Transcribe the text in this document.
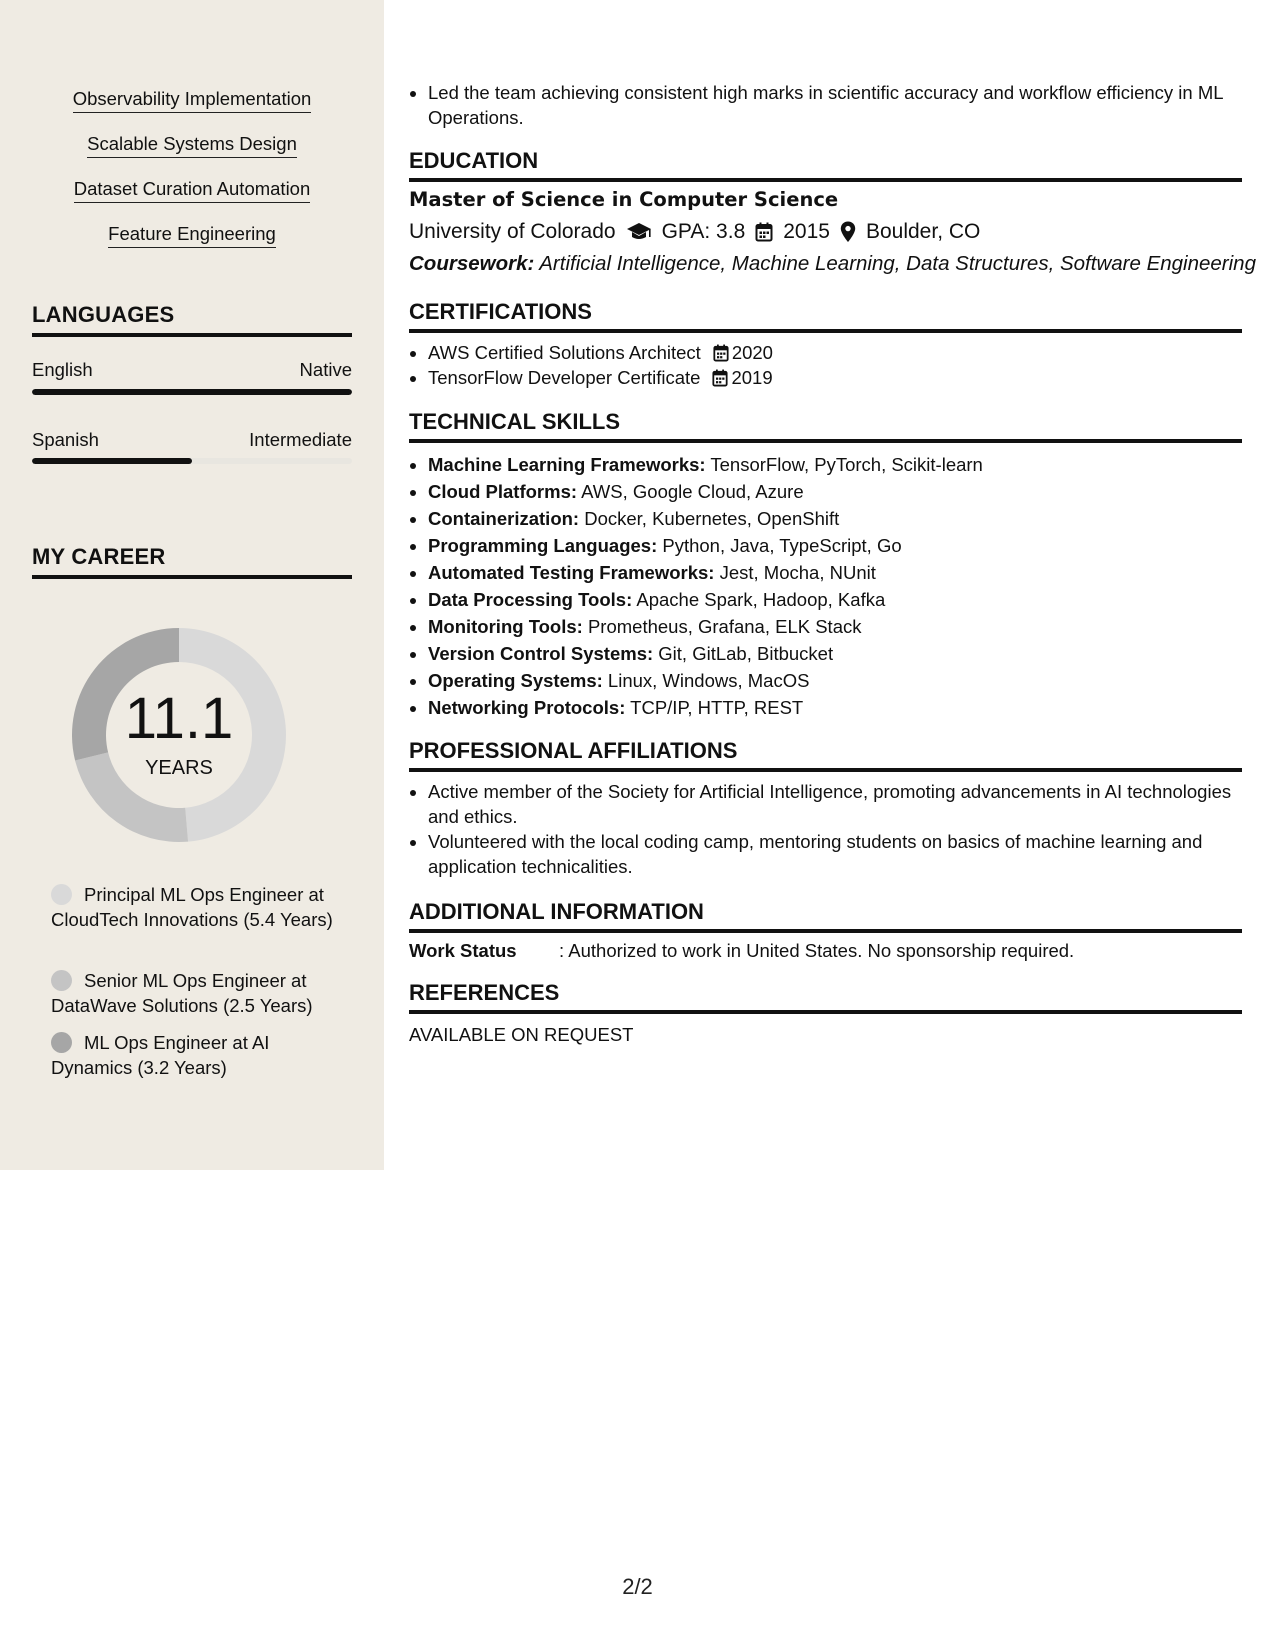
Observability Implementation
Scalable Systems Design
Dataset Curation Automation
Feature Engineering
LANGUAGES
English	Native
Spanish	Intermediate
MY CAREER
11.1
YEARS
Principal ML Ops Engineer at CloudTech Innovations (5.4 Years)
Senior ML Ops Engineer at DataWave Solutions (2.5 Years)
ML Ops Engineer at AI Dynamics (3.2 Years)
• Led the team achieving consistent high marks in scientific accuracy and workflow efficiency in ML Operations.
EDUCATION
Master of Science in Computer Science
University of Colorado GPA: 3.8 2015 Boulder, CO
Coursework: Artificial Intelligence, Machine Learning, Data Structures, Software Engineering
CERTIFICATIONS
• AWS Certified Solutions Architect 2020
• TensorFlow Developer Certificate 2019
TECHNICAL SKILLS
• Machine Learning Frameworks: TensorFlow, PyTorch, Scikit-learn
• Cloud Platforms: AWS, Google Cloud, Azure
• Containerization: Docker, Kubernetes, OpenShift
• Programming Languages: Python, Java, TypeScript, Go
• Automated Testing Frameworks: Jest, Mocha, NUnit
• Data Processing Tools: Apache Spark, Hadoop, Kafka
• Monitoring Tools: Prometheus, Grafana, ELK Stack
• Version Control Systems: Git, GitLab, Bitbucket
• Operating Systems: Linux, Windows, MacOS
• Networking Protocols: TCP/IP, HTTP, REST
PROFESSIONAL AFFILIATIONS
• Active member of the Society for Artificial Intelligence, promoting advancements in AI technologies and ethics.
• Volunteered with the local coding camp, mentoring students on basics of machine learning and application technicalities.
ADDITIONAL INFORMATION
Work Status : Authorized to work in United States. No sponsorship required.
REFERENCES
AVAILABLE ON REQUEST
2/2
